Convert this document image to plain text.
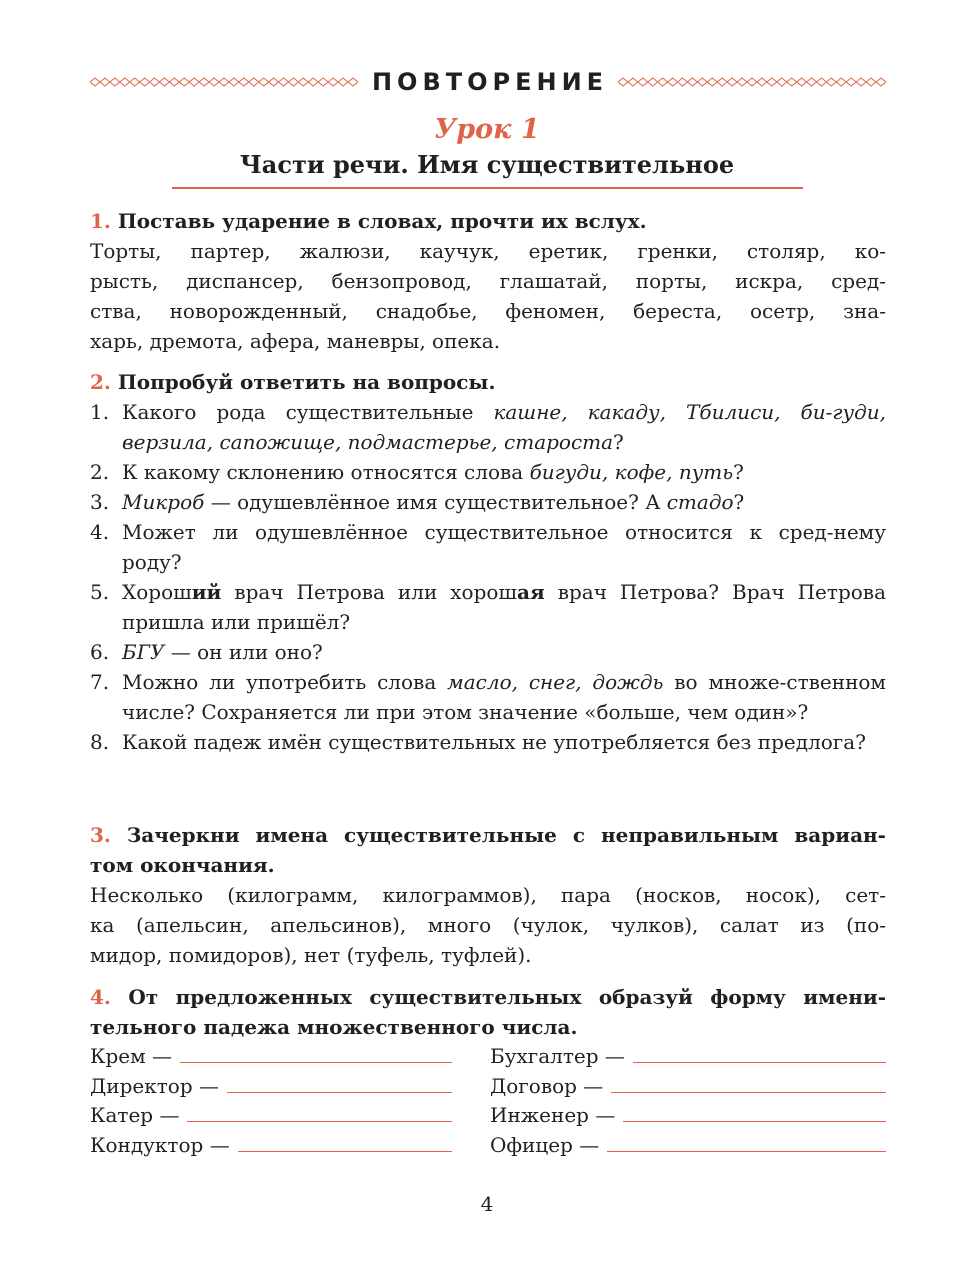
ПОВТОРЕНИЕ
Урок 1
Части речи. Имя существительное
1. Поставь ударение в словах, прочти их вслух.
Торты, партер, жалюзи, каучук, еретик, гренки, столяр, ко-
рысть, диспансер, бензопровод, глашатай, порты, искра, сред-
ства, новорожденный, снадобье, феномен, береста, осетр, зна-
харь, дремота, афера, маневры, опека.
2. Попробуй ответить на вопросы.
1. Какого рода существительные кашне, какаду, Тбилиси, би-гуди, верзила, сапожище, подмастерье, староста?
2. К какому склонению относятся слова бигуди, кофе, путь?
3. Микроб — одушевлённое имя существительное? А стадо?
4. Может ли одушевлённое существительное относится к сред-нему роду?
5. Хороший врач Петрова или хорошая врач Петрова? Врач Петрова пришла или пришёл?
6. БГУ — он или оно?
7. Можно ли употребить слова масло, снег, дождь во множе-ственном числе? Сохраняется ли при этом значение «больше, чем один»?
8. Какой падеж имён существительных не употребляется без предлога?
3. Зачеркни имена существительные с неправильным вариан-
том окончания.
Несколько (килограмм, килограммов), пара (носков, носок), сет-
ка (апельсин, апельсинов), много (чулок, чулков), салат из (по-
мидор, помидоров), нет (туфель, туфлей).
4. От предложенных существительных образуй форму имени-
тельного падежа множественного числа.
Крем —
Директор —
Катер —
Кондуктор —
Бухгалтер —
Договор —
Инженер —
Офицер —
4
